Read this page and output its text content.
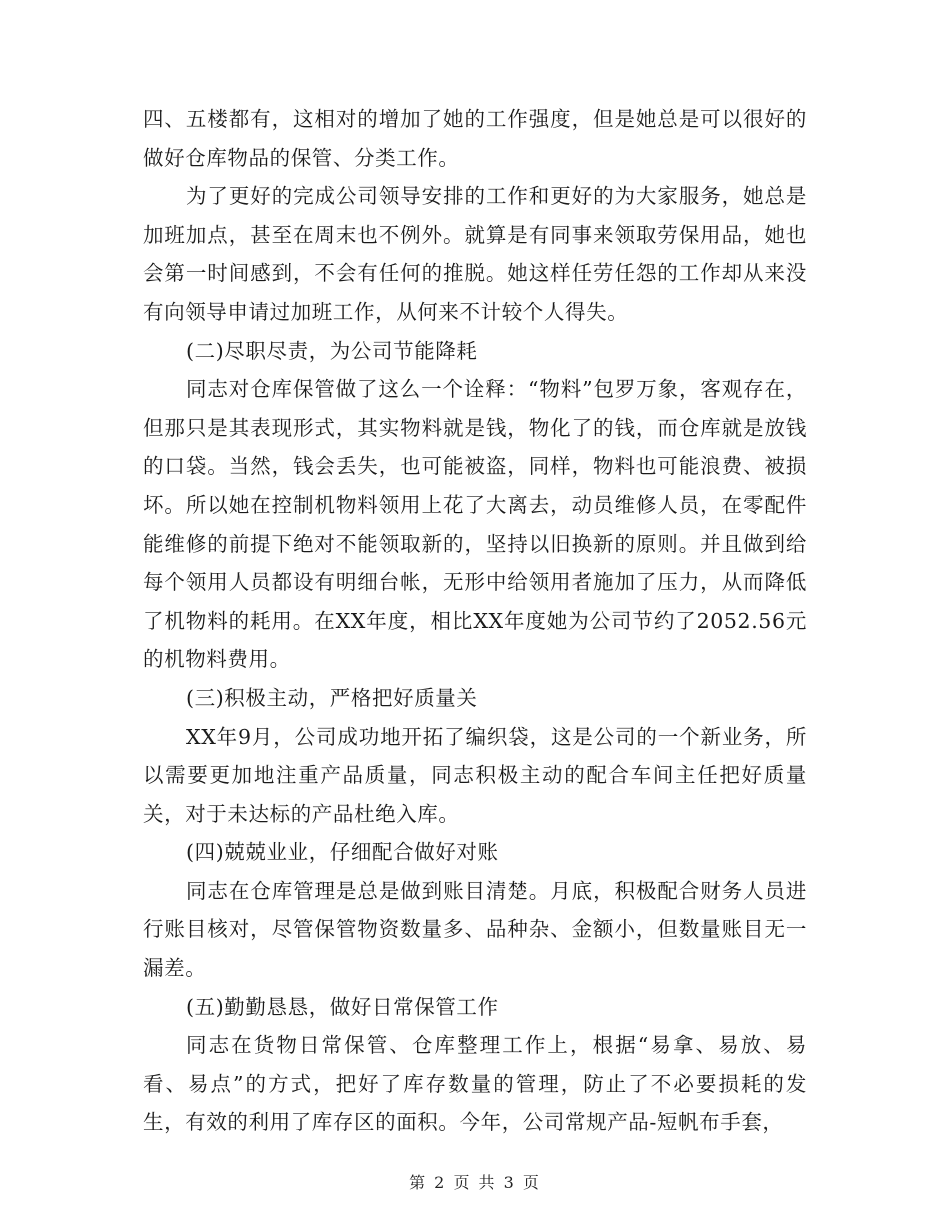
四、五楼都有，这相对的增加了她的工作强度，但是她总是可以很好的做好仓库物品的保管、分类工作。

为了更好的完成公司领导安排的工作和更好的为大家服务，她总是加班加点，甚至在周末也不例外。就算是有同事来领取劳保用品，她也会第一时间感到，不会有任何的推脱。她这样任劳任怨的工作却从来没有向领导申请过加班工作，从何来不计较个人得失。

(二)尽职尽责，为公司节能降耗

同志对仓库保管做了这么一个诠释：“物料”包罗万象，客观存在，但那只是其表现形式，其实物料就是钱，物化了的钱，而仓库就是放钱的口袋。当然，钱会丢失，也可能被盗，同样，物料也可能浪费、被损坏。所以她在控制机物料领用上花了大离去，动员维修人员，在零配件能维修的前提下绝对不能领取新的，坚持以旧换新的原则。并且做到给每个领用人员都设有明细台帐，无形中给领用者施加了压力，从而降低了机物料的耗用。在XX年度，相比XX年度她为公司节约了2052.56元的机物料费用。

(三)积极主动，严格把好质量关

XX年9月，公司成功地开拓了编织袋，这是公司的一个新业务，所以需要更加地注重产品质量，同志积极主动的配合车间主任把好质量关，对于未达标的产品杜绝入库。

(四)兢兢业业，仔细配合做好对账

同志在仓库管理是总是做到账目清楚。月底，积极配合财务人员进行账目核对，尽管保管物资数量多、品种杂、金额小，但数量账目无一漏差。

(五)勤勤恳恳，做好日常保管工作

同志在货物日常保管、仓库整理工作上，根据“易拿、易放、易看、易点”的方式，把好了库存数量的管理，防止了不必要损耗的发生，有效的利用了库存区的面积。今年，公司常规产品-短帆布手套，

第 2 页 共 3 页
